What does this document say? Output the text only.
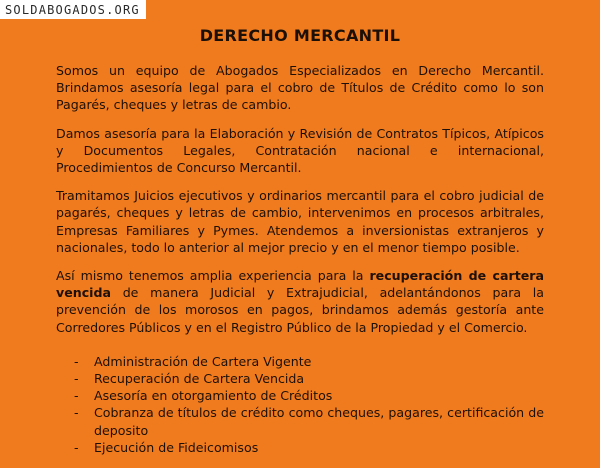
SOLDABOGADOS.ORG
DERECHO MERCANTIL

Somos un equipo de Abogados Especializados en Derecho Mercantil. Brindamos asesoría legal para el cobro de Títulos de Crédito como lo son Pagarés, cheques y letras de cambio.

Damos asesoría para la Elaboración y Revisión de Contratos Típicos, Atípicos y Documentos Legales, Contratación nacional e internacional, Procedimientos de Concurso Mercantil.

Tramitamos Juicios ejecutivos y ordinarios mercantil para el cobro judicial de pagarés, cheques y letras de cambio, intervenimos en procesos arbitrales, Empresas Familiares y Pymes. Atendemos a inversionistas extranjeros y nacionales, todo lo anterior al mejor precio y en el menor tiempo posible.

Así mismo tenemos amplia experiencia para la recuperación de cartera vencida de manera Judicial y Extrajudicial, adelantándonos para la prevención de los morosos en pagos, brindamos además gestoría ante Corredores Públicos y en el Registro Público de la Propiedad y el Comercio.

- Administración de Cartera Vigente
- Recuperación de Cartera Vencida
- Asesoría en otorgamiento de Créditos
- Cobranza de títulos de crédito como cheques, pagares, certificación de deposito
- Ejecución de Fideicomisos
